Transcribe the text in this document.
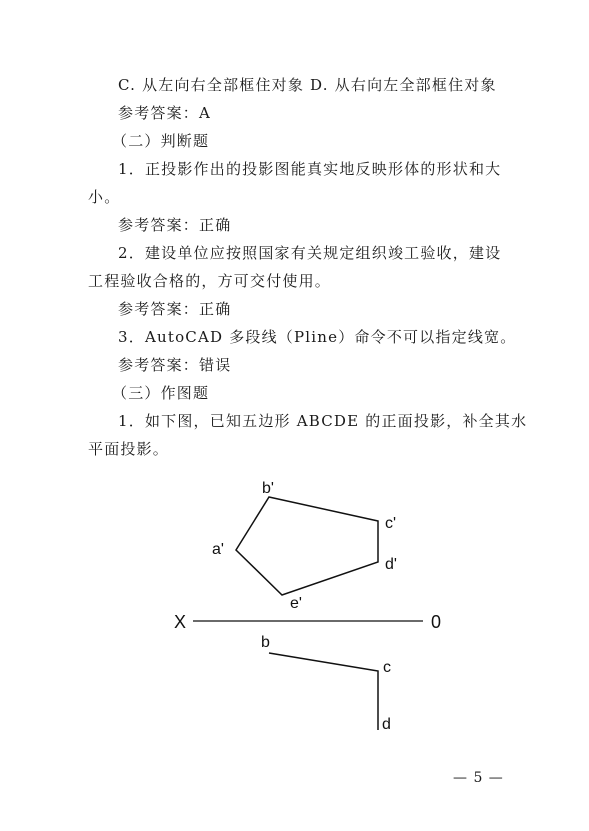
C. 从左向右全部框住对象 D. 从右向左全部框住对象
参考答案：A
（二）判断题
1．正投影作出的投影图能真实地反映形体的形状和大
小。
参考答案：正确
2．建设单位应按照国家有关规定组织竣工验收，建设
工程验收合格的，方可交付使用。
参考答案：正确
3．AutoCAD 多段线（Pline）命令不可以指定线宽。
参考答案：错误
（三）作图题
1．如下图，已知五边形 ABCDE 的正面投影，补全其水
平面投影。
b'
c'
a'
d'
e'
X	0
b
c
d
— 5 —
